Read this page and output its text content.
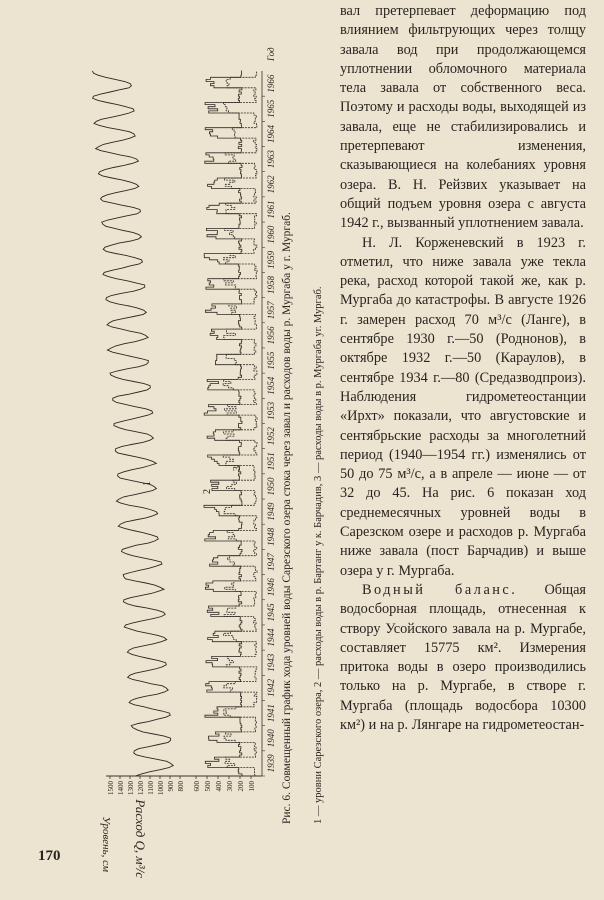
1500 1400 1300 1200 1100 1000 900 800 600 500 400 300 200 100
1939
1940
1941
1942
1943
1944
1945
1946
1947
1948
1949
1950
1951
1952
1953
1954
1955
1956
1957
1958
1959
1960
1961
1962
1963
1964
1965
1966
Год
1
2
3
Уровень, см Расход Q, м³/с
Рис. 6. Совмещенный график хода уровней воды Сарезского озера стока через завал и расходов воды р. Мургаба у г. Мургаб. 1 — уровни Сарезского озера, 2 — расходы воды в р. Бартанг у к. Барчадив, 3 — расходы воды в р. Мургаба уг. Мургаб.

вал претерпевает деформацию под влиянием фильтрующих через толщу завала вод при продолжающемся уплотнении обломочного материала тела завала от собственного веса. Поэтому и расходы воды, выходящей из завала, еще не стабилизировались и претерпевают изменения, сказывающиеся на колебаниях уровня озера. В. Н. Рейзвих указывает на общий подъем уровня озера с августа 1942 г., вызванный уплотнением завала.

Н. Л. Корженевский в 1923 г. отметил, что ниже завала уже текла река, расход которой такой же, как р. Мургаба до катастрофы. В августе 1926 г. замерен расход 70 м³/с (Ланге), в сентябре 1930 г.—50 (Роднонов), в октябре 1932 г.—50 (Караулов), в сентябре 1934 г.—80 (Средазводпроиз). Наблюдения гидрометеостанции «Ирхт» показали, что августовские и сентябрьские расходы за многолетний период (1940—1954 гг.) изменялись от 50 до 75 м³/с, а в апреле — июне — от 32 до 45. На рис. 6 показан ход среднемесячных уровней воды в Сарезском озере и расходов р. Мургаба ниже завала (пост Барчадив) и выше озера у г. Мургаба.

Водный баланс. Общая водосборная площадь, отнесенная к створу Усойского завала на р. Мургабе, составляет 15775 км². Измерения притока воды в озеро производились только на р. Мургабе, в створе г. Мургаба (площадь водосбора 10300 км²) и на р. Лянгаре на гидрометеостан-

170
